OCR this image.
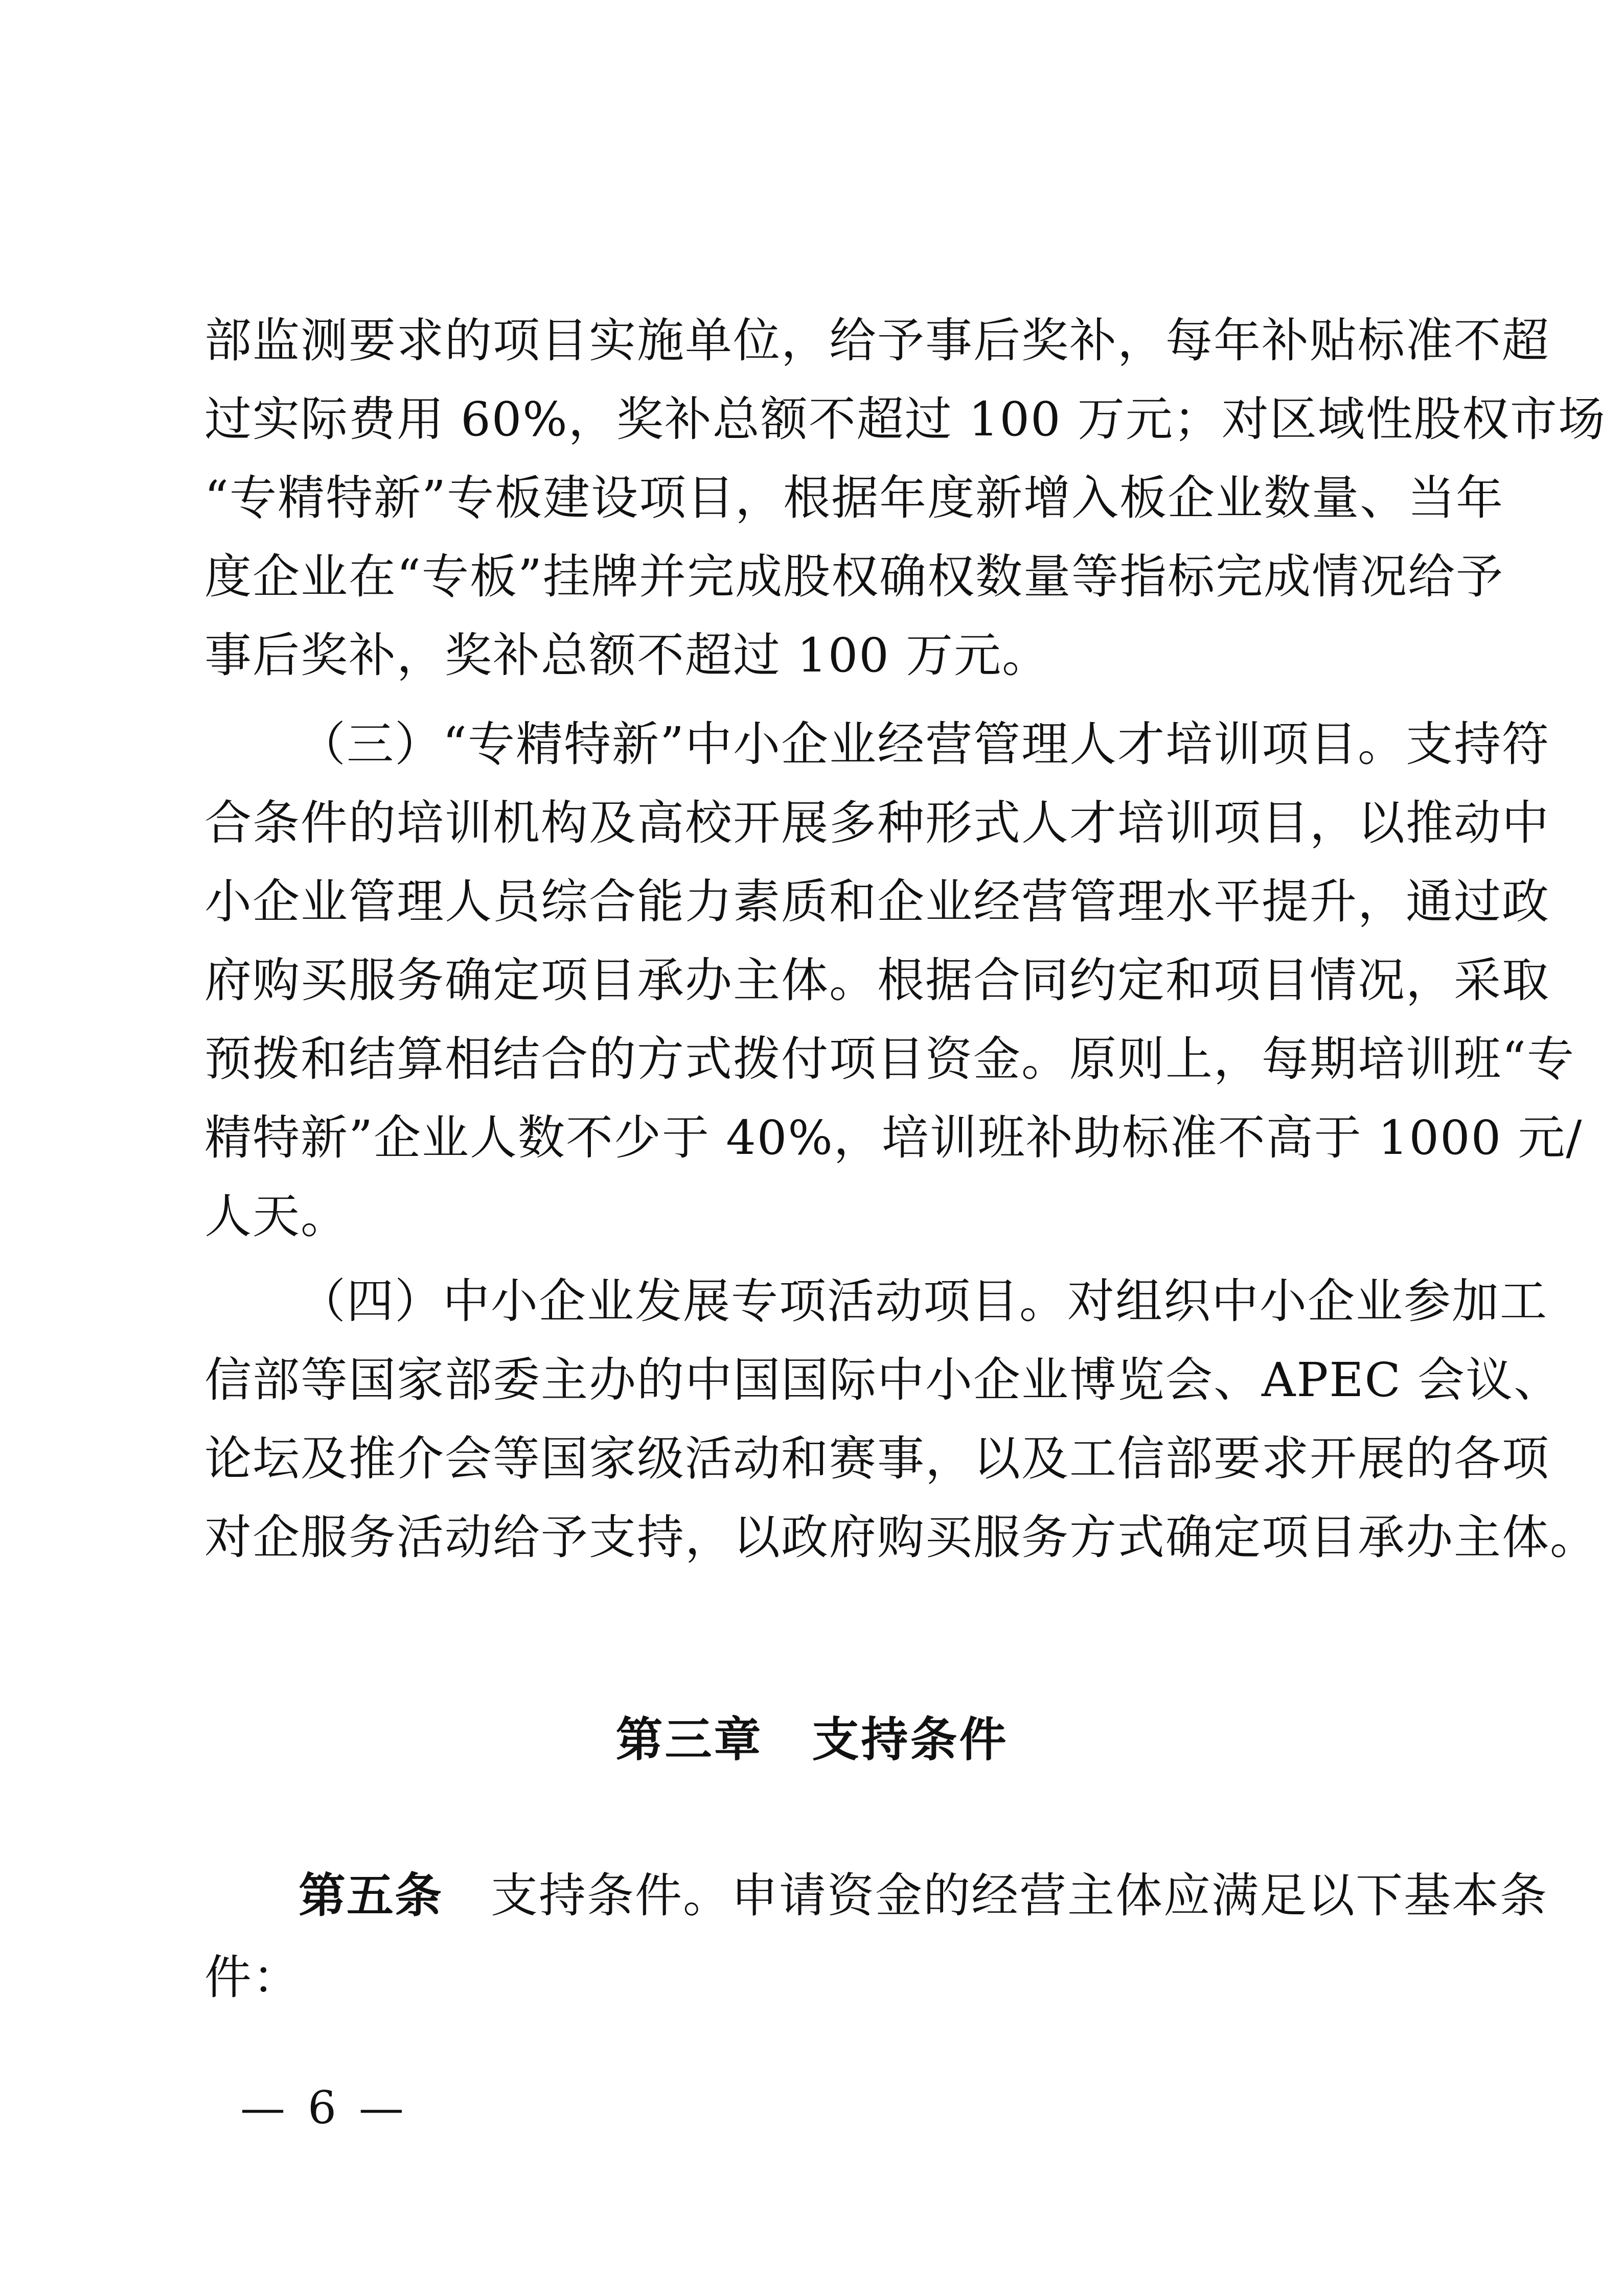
部监测要求的项目实施单位，给予事后奖补，每年补贴标准不超
过实际费用 60%，奖补总额不超过 100 万元；对区域性股权市场
“专精特新”专板建设项目，根据年度新增入板企业数量、当年
度企业在“专板”挂牌并完成股权确权数量等指标完成情况给予
事后奖补，奖补总额不超过 100 万元。
（三）“专精特新”中小企业经营管理人才培训项目。支持符
合条件的培训机构及高校开展多种形式人才培训项目，以推动中
小企业管理人员综合能力素质和企业经营管理水平提升，通过政
府购买服务确定项目承办主体。根据合同约定和项目情况，采取
预拨和结算相结合的方式拨付项目资金。原则上，每期培训班“专
精特新”企业人数不少于 40%，培训班补助标准不高于 1000 元/
人天。
（四）中小企业发展专项活动项目。对组织中小企业参加工
信部等国家部委主办的中国国际中小企业博览会、APEC 会议、
论坛及推介会等国家级活动和赛事，以及工信部要求开展的各项
对企服务活动给予支持，以政府购买服务方式确定项目承办主体。
第三章　支持条件
第五条　支持条件。申请资金的经营主体应满足以下基本条
件：
— 6 —
